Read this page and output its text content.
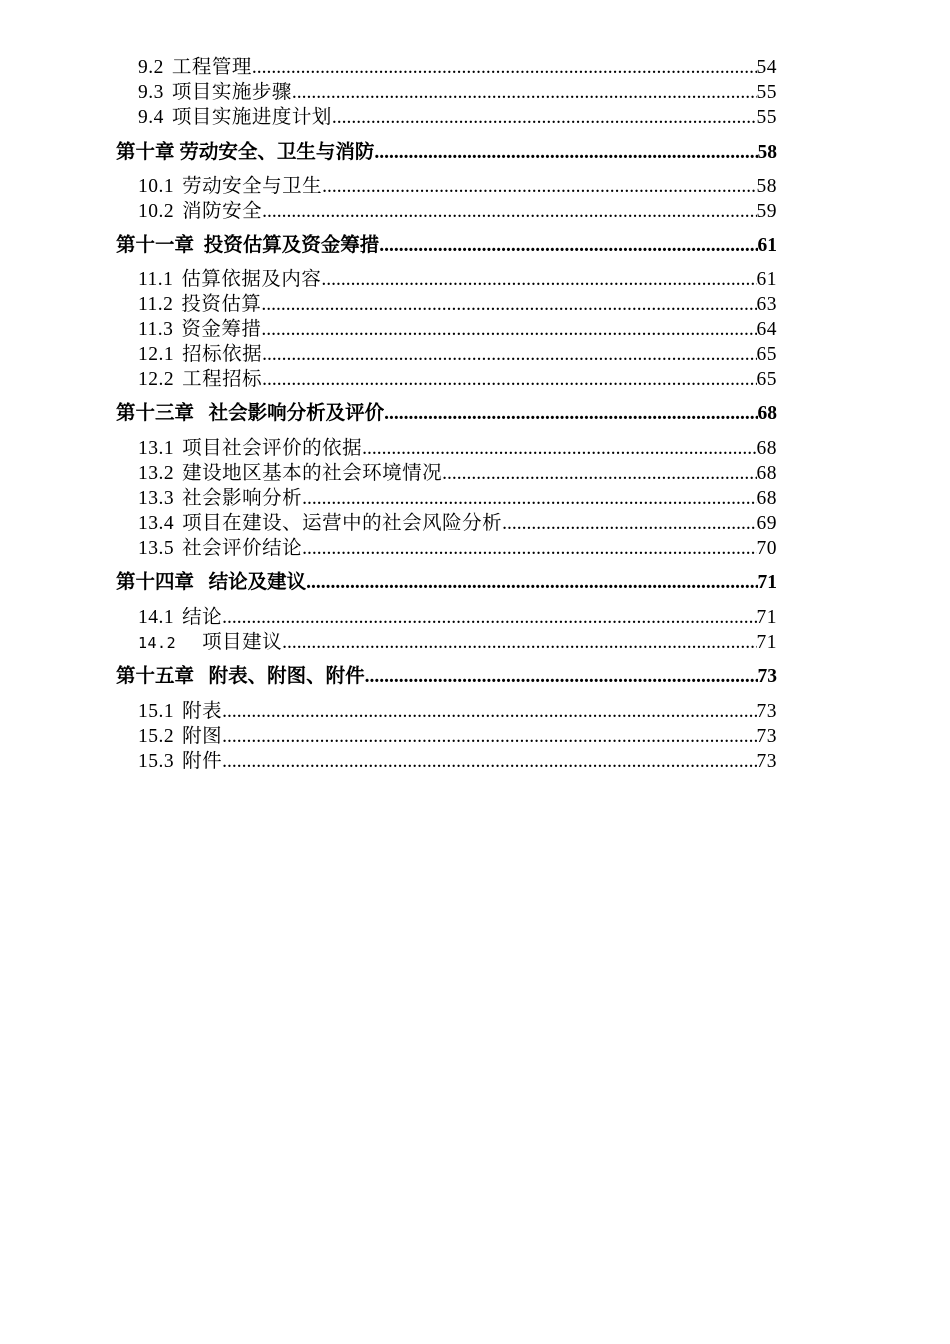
9.2 工程管理 .....	54
9.3 项目实施步骤 .....	55
9.4 项目实施进度计划 .....	55
第十章 劳动安全、卫生与消防 .....	58
10.1 劳动安全与卫生 .....	58
10.2 消防安全 .....	59
第十一章  投资估算及资金筹措 .....	61
11.1 估算依据及内容 .....	61
11.2 投资估算 .....	63
11.3 资金筹措 .....	64
12.1 招标依据 .....	65
12.2 工程招标 .....	65
第十三章   社会影响分析及评价 .....	68
13.1 项目社会评价的依据 .....	68
13.2 建设地区基本的社会环境情况 .....	68
13.3 社会影响分析 .....	68
13.4 项目在建设、运营中的社会风险分析 .....	69
13.5 社会评价结论 .....	70
第十四章   结论及建议 .....	71
14.1 结论 .....	71
14.2	项目建议 .....	71
第十五章   附表、附图、附件 .....	73
15.1 附表 .....	73
15.2 附图 .....	73
15.3 附件 .....	73
